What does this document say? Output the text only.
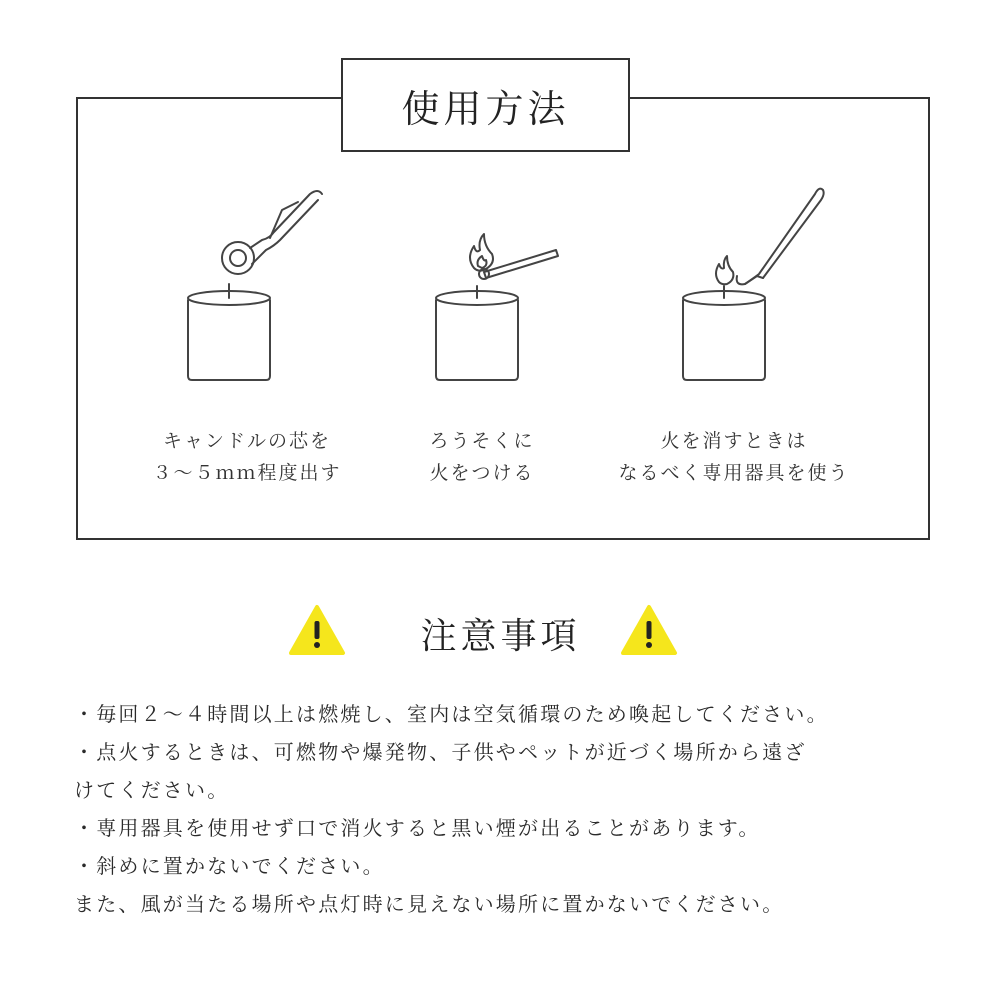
使用方法
キャンドルの芯を
３～５ｍｍ程度出す
ろうそくに
火をつける
火を消すときは
なるべく専用器具を使う
注意事項
・毎回２～４時間以上は燃焼し、室内は空気循環のため喚起してください。
・点火するときは、可燃物や爆発物、子供やペットが近づく場所から遠ざ
けてください。
・専用器具を使用せず口で消火すると黒い煙が出ることがあります。
・斜めに置かないでください。
また、風が当たる場所や点灯時に見えない場所に置かないでください。
